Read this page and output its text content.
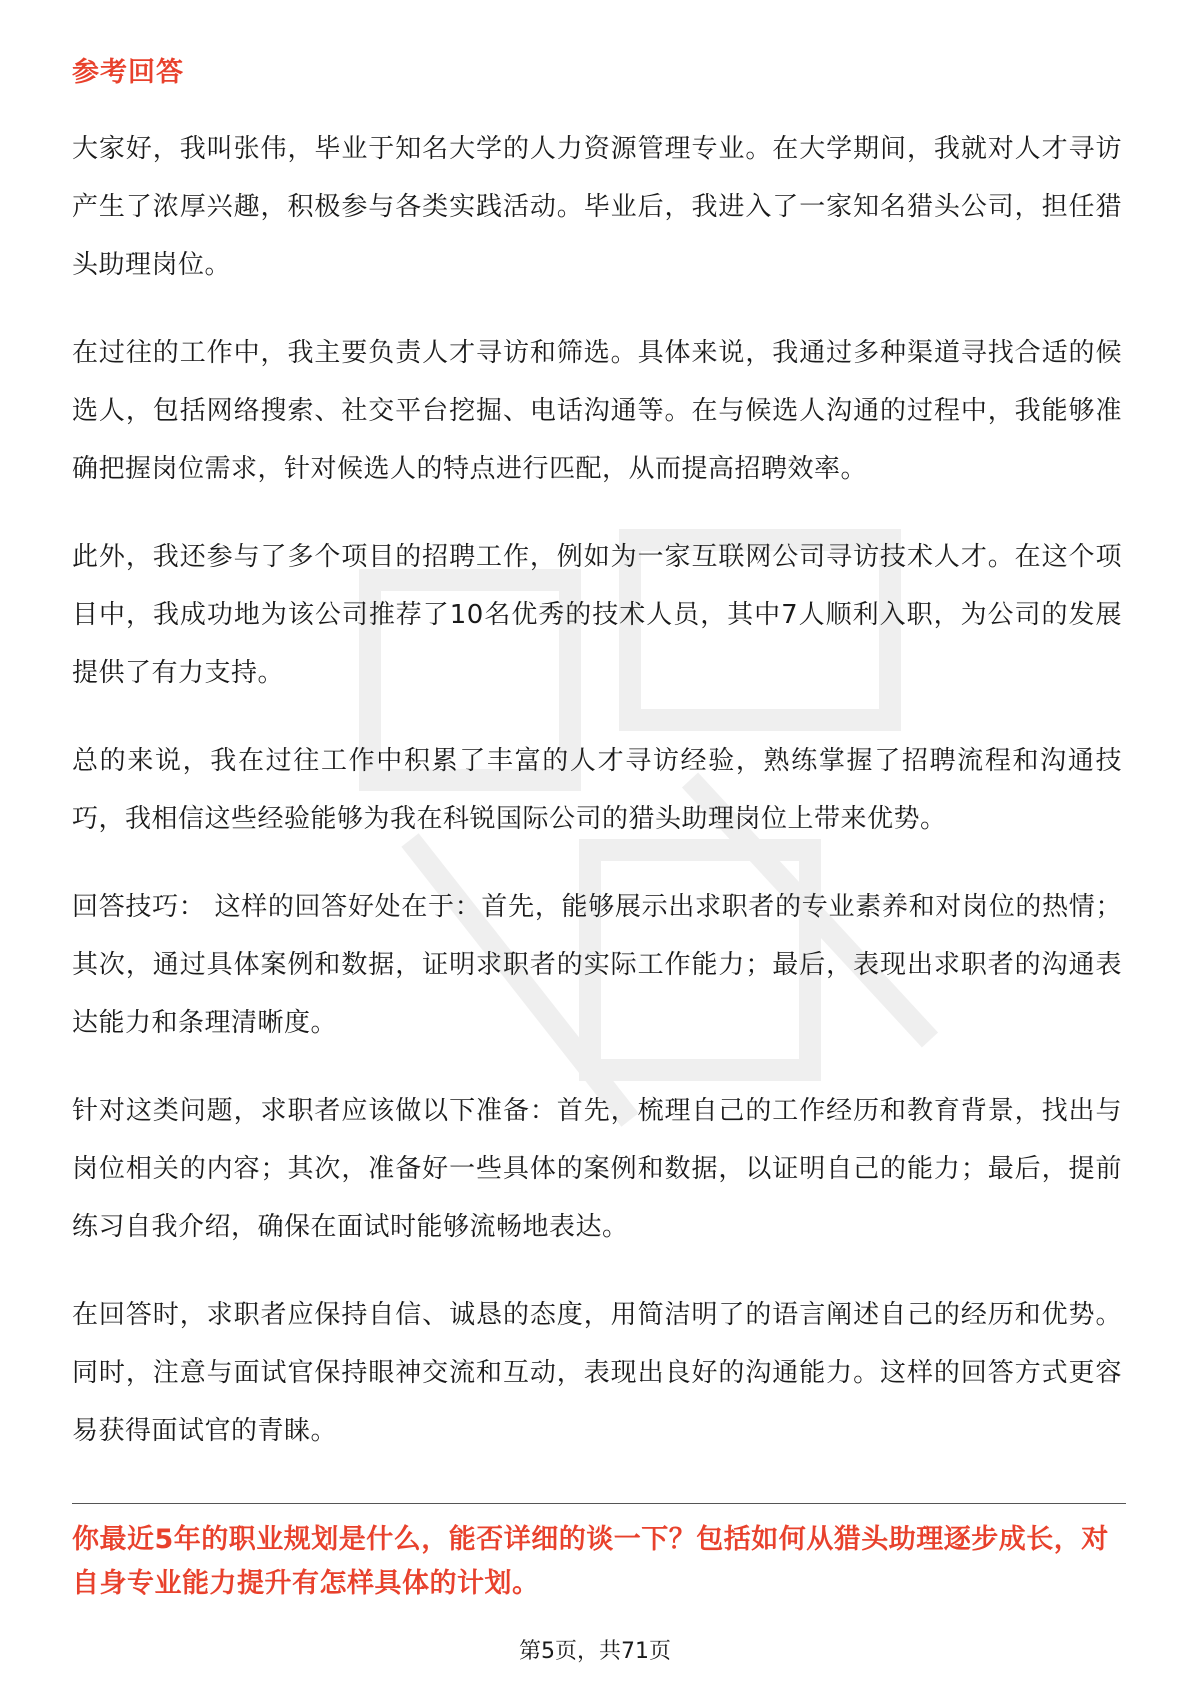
参考回答

大家好，我叫张伟，毕业于知名大学的人力资源管理专业。在大学期间，我就对人才寻访产生了浓厚兴趣，积极参与各类实践活动。毕业后，我进入了一家知名猎头公司，担任猎头助理岗位。

在过往的工作中，我主要负责人才寻访和筛选。具体来说，我通过多种渠道寻找合适的候选人，包括网络搜索、社交平台挖掘、电话沟通等。在与候选人沟通的过程中，我能够准确把握岗位需求，针对候选人的特点进行匹配，从而提高招聘效率。

此外，我还参与了多个项目的招聘工作，例如为一家互联网公司寻访技术人才。在这个项目中，我成功地为该公司推荐了10名优秀的技术人员，其中7人顺利入职，为公司的发展提供了有力支持。

总的来说，我在过往工作中积累了丰富的人才寻访经验，熟练掌握了招聘流程和沟通技巧，我相信这些经验能够为我在科锐国际公司的猎头助理岗位上带来优势。

回答技巧： 这样的回答好处在于：首先，能够展示出求职者的专业素养和对岗位的热情；其次，通过具体案例和数据，证明求职者的实际工作能力；最后，表现出求职者的沟通表达能力和条理清晰度。

针对这类问题，求职者应该做以下准备：首先，梳理自己的工作经历和教育背景，找出与岗位相关的内容；其次，准备好一些具体的案例和数据，以证明自己的能力；最后，提前练习自我介绍，确保在面试时能够流畅地表达。

在回答时，求职者应保持自信、诚恳的态度，用简洁明了的语言阐述自己的经历和优势。同时，注意与面试官保持眼神交流和互动，表现出良好的沟通能力。这样的回答方式更容易获得面试官的青睐。

你最近5年的职业规划是什么，能否详细的谈一下？包括如何从猎头助理逐步成长，对自身专业能力提升有怎样具体的计划。

第5页，共71页
